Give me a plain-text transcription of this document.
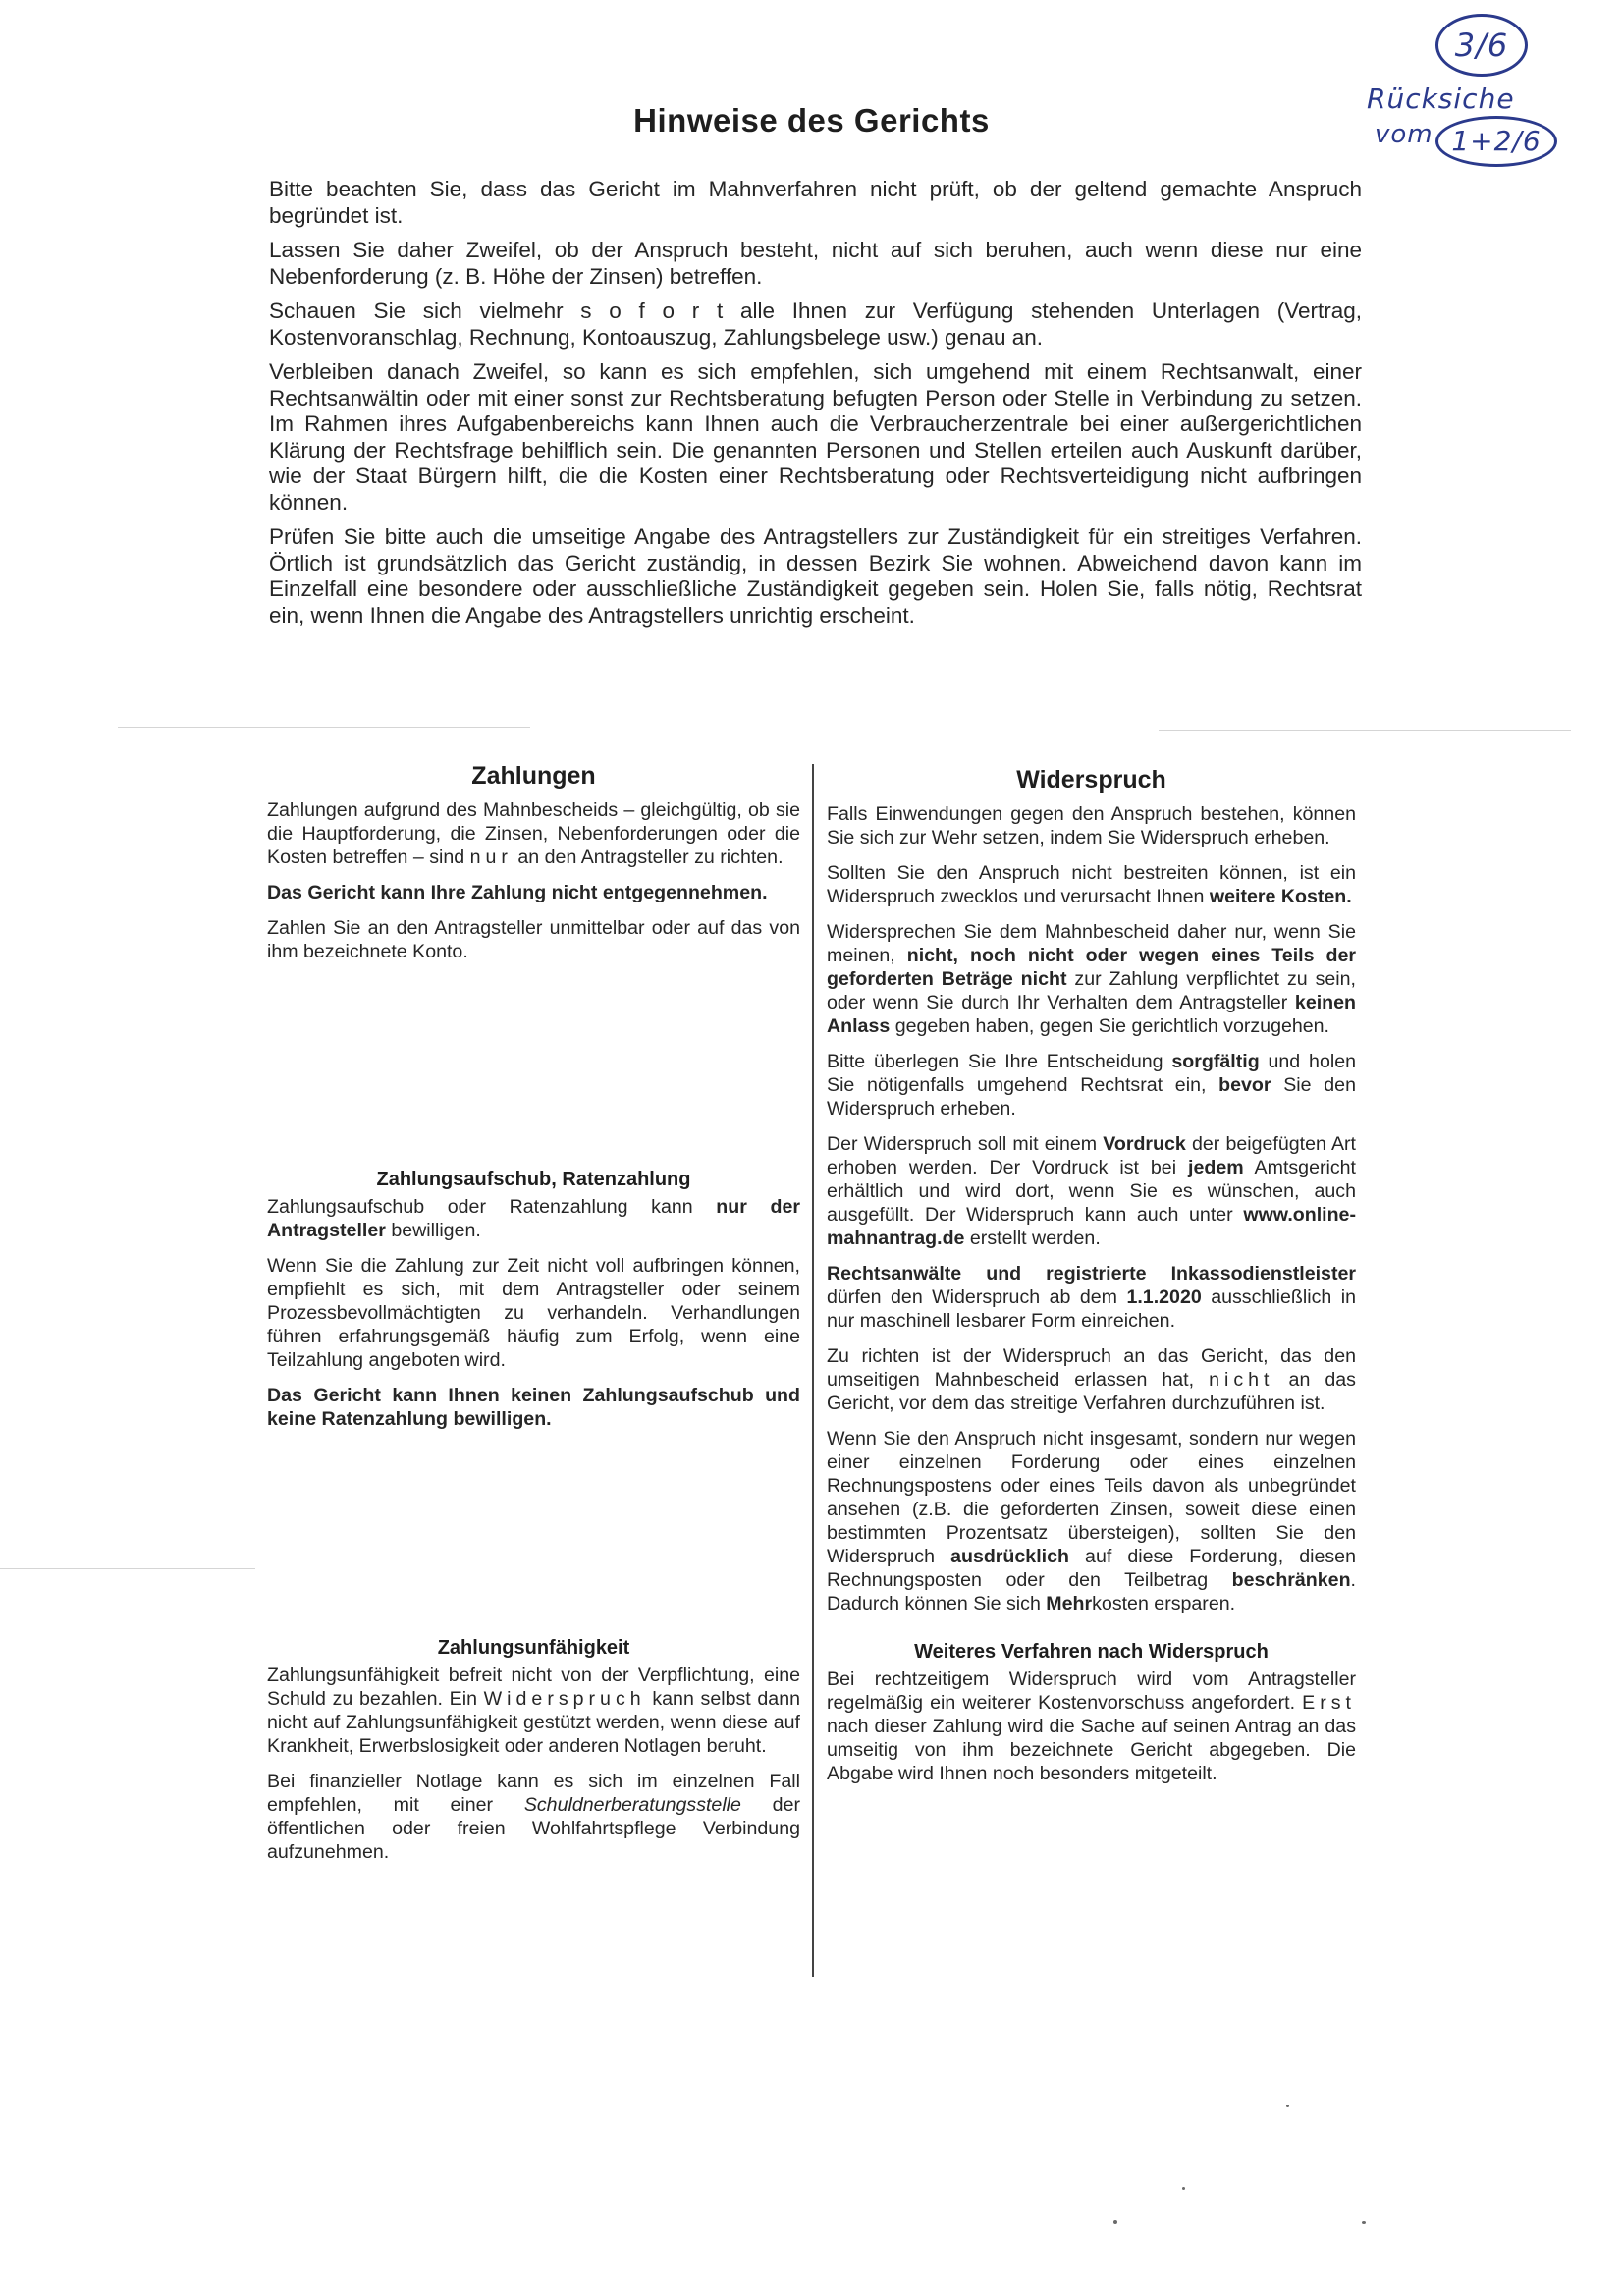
3/6
Rücksiche
vom 1+2/6
Hinweise des Gerichts

Bitte beachten Sie, dass das Gericht im Mahnverfahren nicht prüft, ob der geltend gemachte Anspruch begründet ist.

Lassen Sie daher Zweifel, ob der Anspruch besteht, nicht auf sich beruhen, auch wenn diese nur eine Nebenforderung (z. B. Höhe der Zinsen) betreffen.

Schauen Sie sich vielmehr s o f o r t alle Ihnen zur Verfügung stehenden Unterlagen (Vertrag, Kostenvoranschlag, Rechnung, Kontoauszug, Zahlungsbelege usw.) genau an.

Verbleiben danach Zweifel, so kann es sich empfehlen, sich umgehend mit einem Rechtsanwalt, einer Rechtsanwältin oder mit einer sonst zur Rechtsberatung befugten Person oder Stelle in Verbindung zu setzen. Im Rahmen ihres Aufgabenbereichs kann Ihnen auch die Verbraucherzentrale bei einer außergerichtlichen Klärung der Rechtsfrage behilflich sein. Die genannten Personen und Stellen erteilen auch Auskunft darüber, wie der Staat Bürgern hilft, die die Kosten einer Rechtsberatung oder Rechtsverteidigung nicht aufbringen können.

Prüfen Sie bitte auch die umseitige Angabe des Antragstellers zur Zuständigkeit für ein streitiges Verfahren. Örtlich ist grundsätzlich das Gericht zuständig, in dessen Bezirk Sie wohnen. Abweichend davon kann im Einzelfall eine besondere oder ausschließliche Zuständigkeit gegeben sein. Holen Sie, falls nötig, Rechtsrat ein, wenn Ihnen die Angabe des Antragstellers unrichtig erscheint.

Zahlungen

Zahlungen aufgrund des Mahnbescheids – gleichgültig, ob sie die Hauptforderung, die Zinsen, Nebenforderungen oder die Kosten betreffen – sind nur an den Antragsteller zu richten.

Das Gericht kann Ihre Zahlung nicht entgegennehmen.

Zahlen Sie an den Antragsteller unmittelbar oder auf das von ihm bezeichnete Konto.

Zahlungsaufschub, Ratenzahlung

Zahlungsaufschub oder Ratenzahlung kann nur der Antragsteller bewilligen.

Wenn Sie die Zahlung zur Zeit nicht voll aufbringen können, empfiehlt es sich, mit dem Antragsteller oder seinem Prozessbevollmächtigten zu verhandeln. Verhandlungen führen erfahrungsgemäß häufig zum Erfolg, wenn eine Teilzahlung angeboten wird.

Das Gericht kann Ihnen keinen Zahlungsaufschub und keine Ratenzahlung bewilligen.

Zahlungsunfähigkeit

Zahlungsunfähigkeit befreit nicht von der Verpflichtung, eine Schuld zu bezahlen. Ein Widerspruch kann selbst dann nicht auf Zahlungsunfähigkeit gestützt werden, wenn diese auf Krankheit, Erwerbslosigkeit oder anderen Notlagen beruht.

Bei finanzieller Notlage kann es sich im einzelnen Fall empfehlen, mit einer Schuldnerberatungsstelle der öffentlichen oder freien Wohlfahrtspflege Verbindung aufzunehmen.

Widerspruch

Falls Einwendungen gegen den Anspruch bestehen, können Sie sich zur Wehr setzen, indem Sie Widerspruch erheben.

Sollten Sie den Anspruch nicht bestreiten können, ist ein Widerspruch zwecklos und verursacht Ihnen weitere Kosten.

Widersprechen Sie dem Mahnbescheid daher nur, wenn Sie meinen, nicht, noch nicht oder wegen eines Teils der geforderten Beträge nicht zur Zahlung verpflichtet zu sein, oder wenn Sie durch Ihr Verhalten dem Antragsteller keinen Anlass gegeben haben, gegen Sie gerichtlich vorzugehen.

Bitte überlegen Sie Ihre Entscheidung sorgfältig und holen Sie nötigenfalls umgehend Rechtsrat ein, bevor Sie den Widerspruch erheben.

Der Widerspruch soll mit einem Vordruck der beigefügten Art erhoben werden. Der Vordruck ist bei jedem Amtsgericht erhältlich und wird dort, wenn Sie es wünschen, auch ausgefüllt. Der Widerspruch kann auch unter www.online-mahnantrag.de erstellt werden.

Rechtsanwälte und registrierte Inkassodienstleister dürfen den Widerspruch ab dem 1.1.2020 ausschließlich in nur maschinell lesbarer Form einreichen.

Zu richten ist der Widerspruch an das Gericht, das den umseitigen Mahnbescheid erlassen hat, nicht an das Gericht, vor dem das streitige Verfahren durchzuführen ist.

Wenn Sie den Anspruch nicht insgesamt, sondern nur wegen einer einzelnen Forderung oder eines einzelnen Rechnungspostens oder eines Teils davon als unbegründet ansehen (z.B. die geforderten Zinsen, soweit diese einen bestimmten Prozentsatz übersteigen), sollten Sie den Widerspruch ausdrücklich auf diese Forderung, diesen Rechnungsposten oder den Teilbetrag beschränken. Dadurch können Sie sich Mehrkosten ersparen.

Weiteres Verfahren nach Widerspruch

Bei rechtzeitigem Widerspruch wird vom Antragsteller regelmäßig ein weiterer Kostenvorschuss angefordert. Erst nach dieser Zahlung wird die Sache auf seinen Antrag an das umseitig von ihm bezeichnete Gericht abgegeben. Die Abgabe wird Ihnen noch besonders mitgeteilt.
